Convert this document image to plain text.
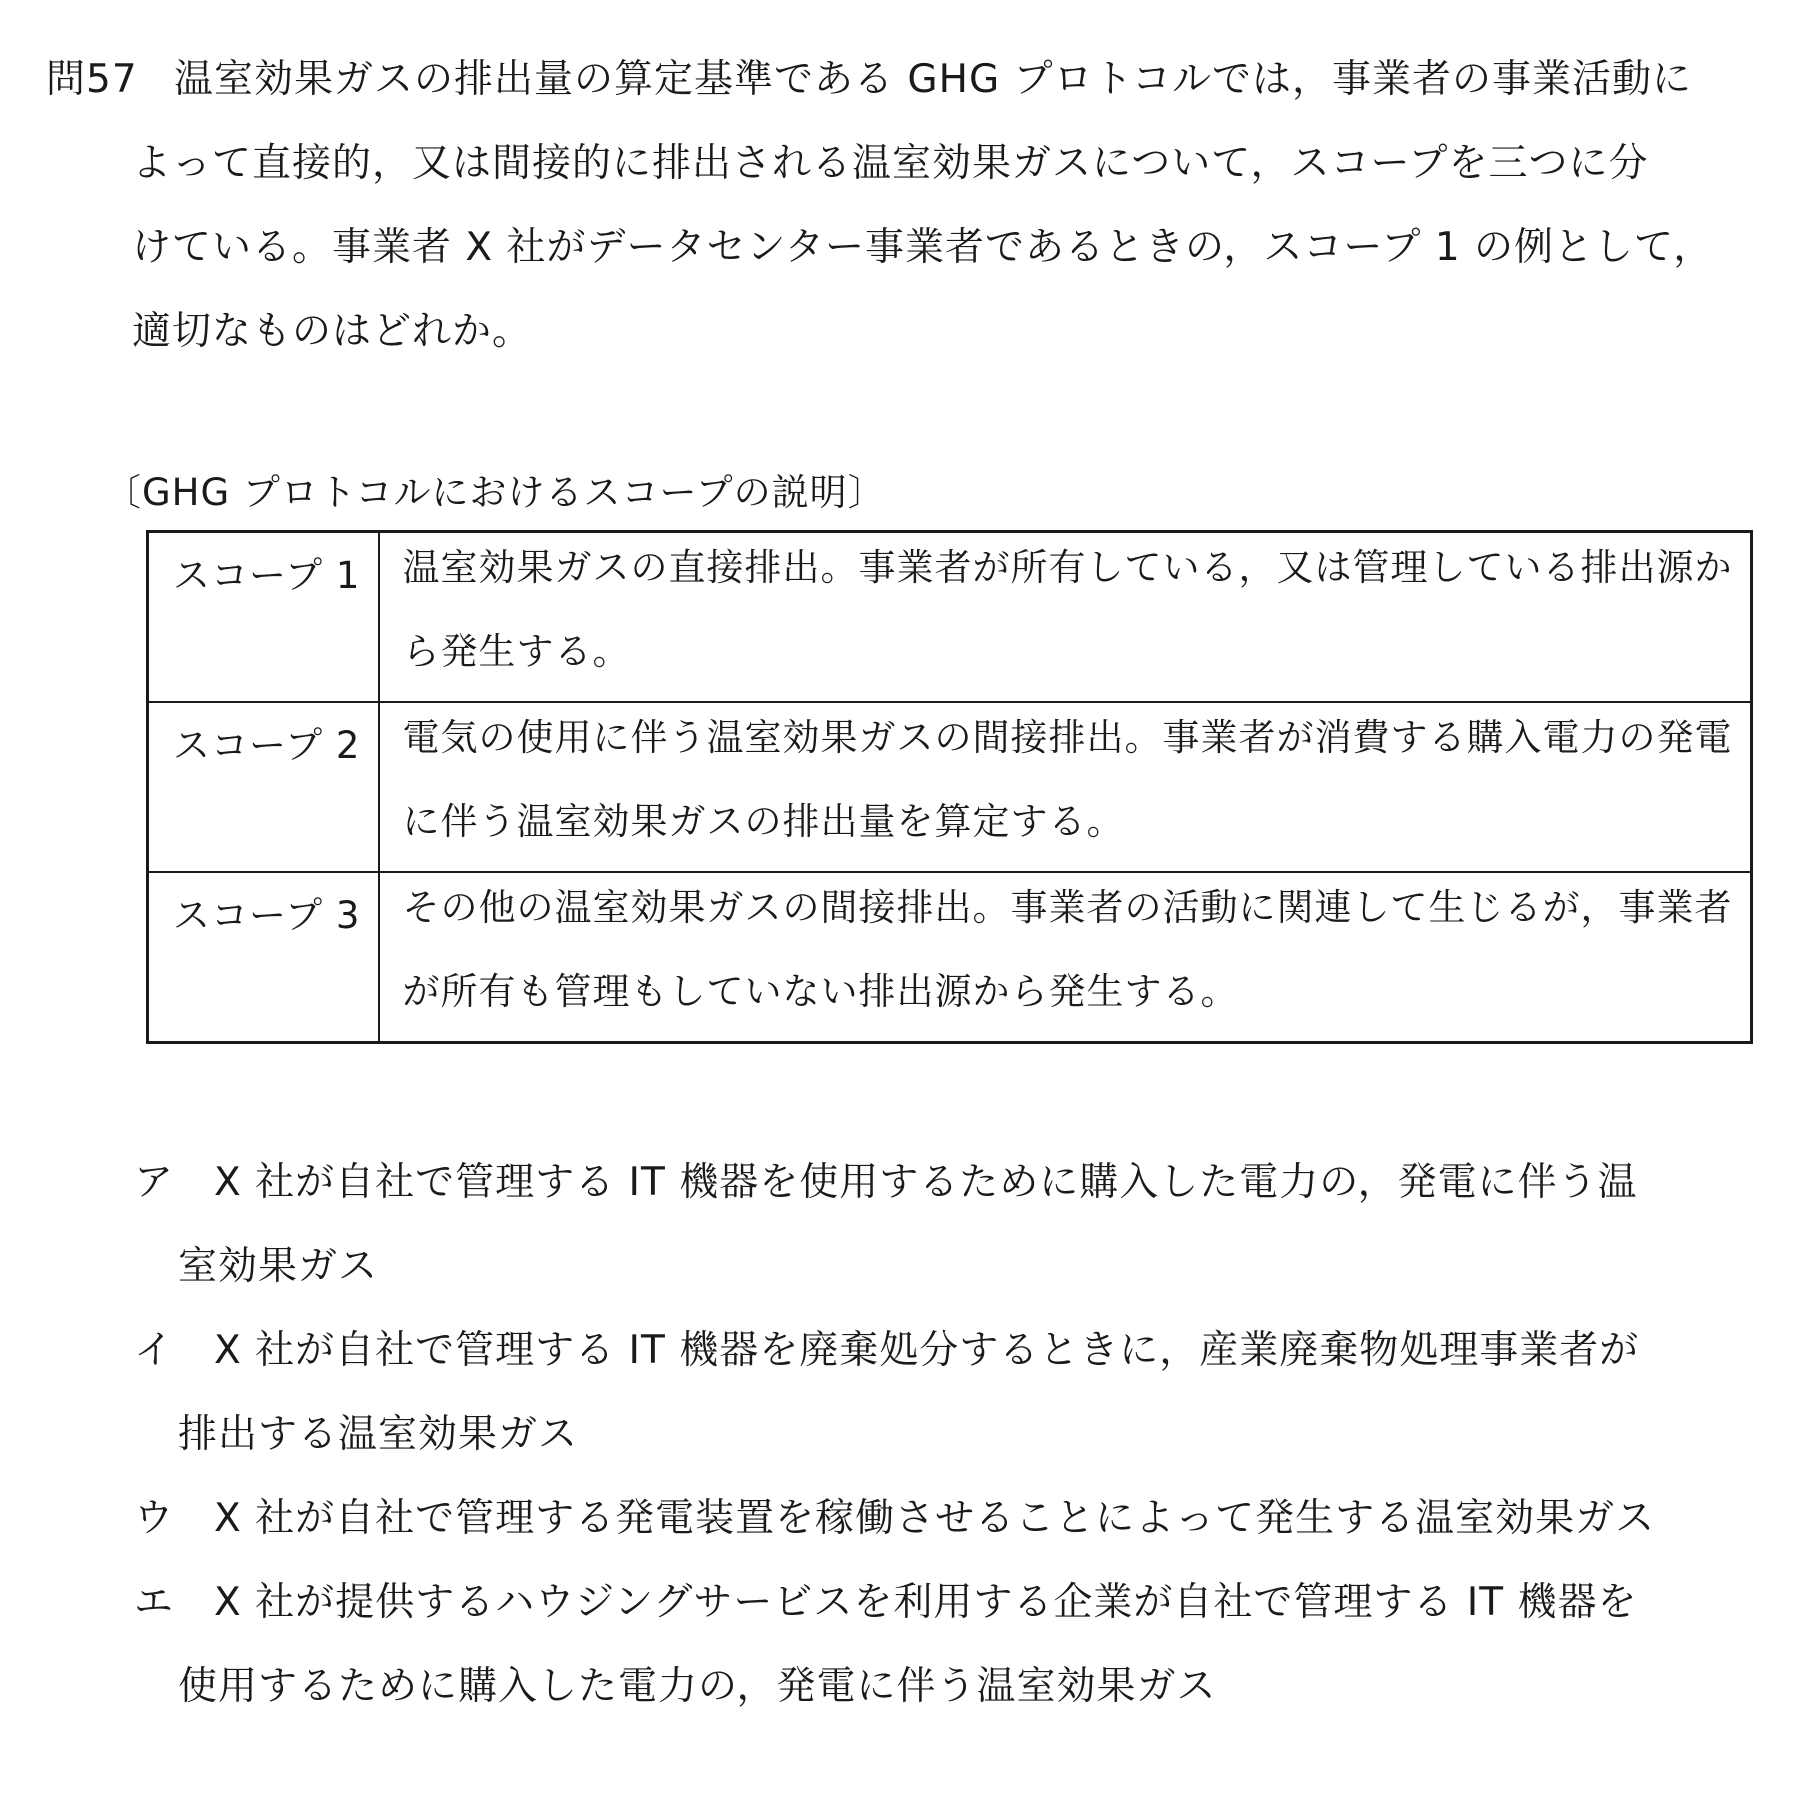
問57 温室効果ガスの排出量の算定基準である GHG プロトコルでは，事業者の事業活動に
よって直接的，又は間接的に排出される温室効果ガスについて，スコープを三つに分
けている。事業者 X 社がデータセンター事業者であるときの，スコープ 1 の例として，
適切なものはどれか。
〔GHG プロトコルにおけるスコープの説明〕
スコープ 1	温室効果ガスの直接排出。事業者が所有している，又は管理している排出源か
ら発生する。

スコープ 2	電気の使用に伴う温室効果ガスの間接排出。事業者が消費する購入電力の発電
に伴う温室効果ガスの排出量を算定する。

スコープ 3	その他の温室効果ガスの間接排出。事業者の活動に関連して生じるが，事業者
が所有も管理もしていない排出源から発生する。
ア X 社が自社で管理する IT 機器を使用するために購入した電力の，発電に伴う温
室効果ガス
イ X 社が自社で管理する IT 機器を廃棄処分するときに，産業廃棄物処理事業者が
排出する温室効果ガス
ウ X 社が自社で管理する発電装置を稼働させることによって発生する温室効果ガス
エ X 社が提供するハウジングサービスを利用する企業が自社で管理する IT 機器を
使用するために購入した電力の，発電に伴う温室効果ガス
